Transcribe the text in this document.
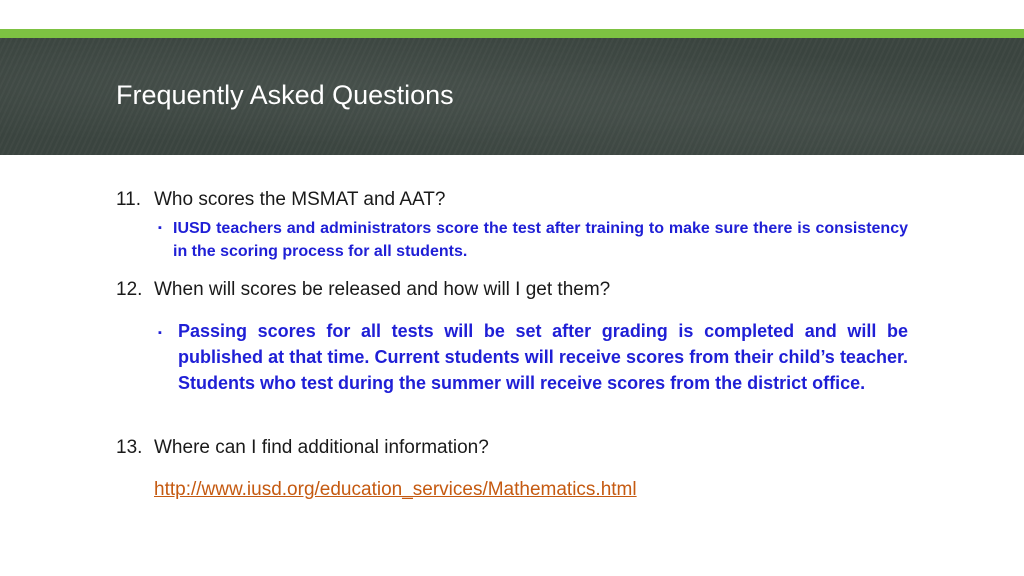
Frequently Asked Questions
11. Who scores the MSMAT and AAT?
▪ IUSD teachers and administrators score the test after training to make sure there is consistency in the scoring process for all students.
12. When will scores be released and how will I get them?
▪ Passing scores for all tests will be set after grading is completed and will be published at that time. Current students will receive scores from their child’s teacher. Students who test during the summer will receive scores from the district office.
13. Where can I find additional information?
http://www.iusd.org/education_services/Mathematics.html
